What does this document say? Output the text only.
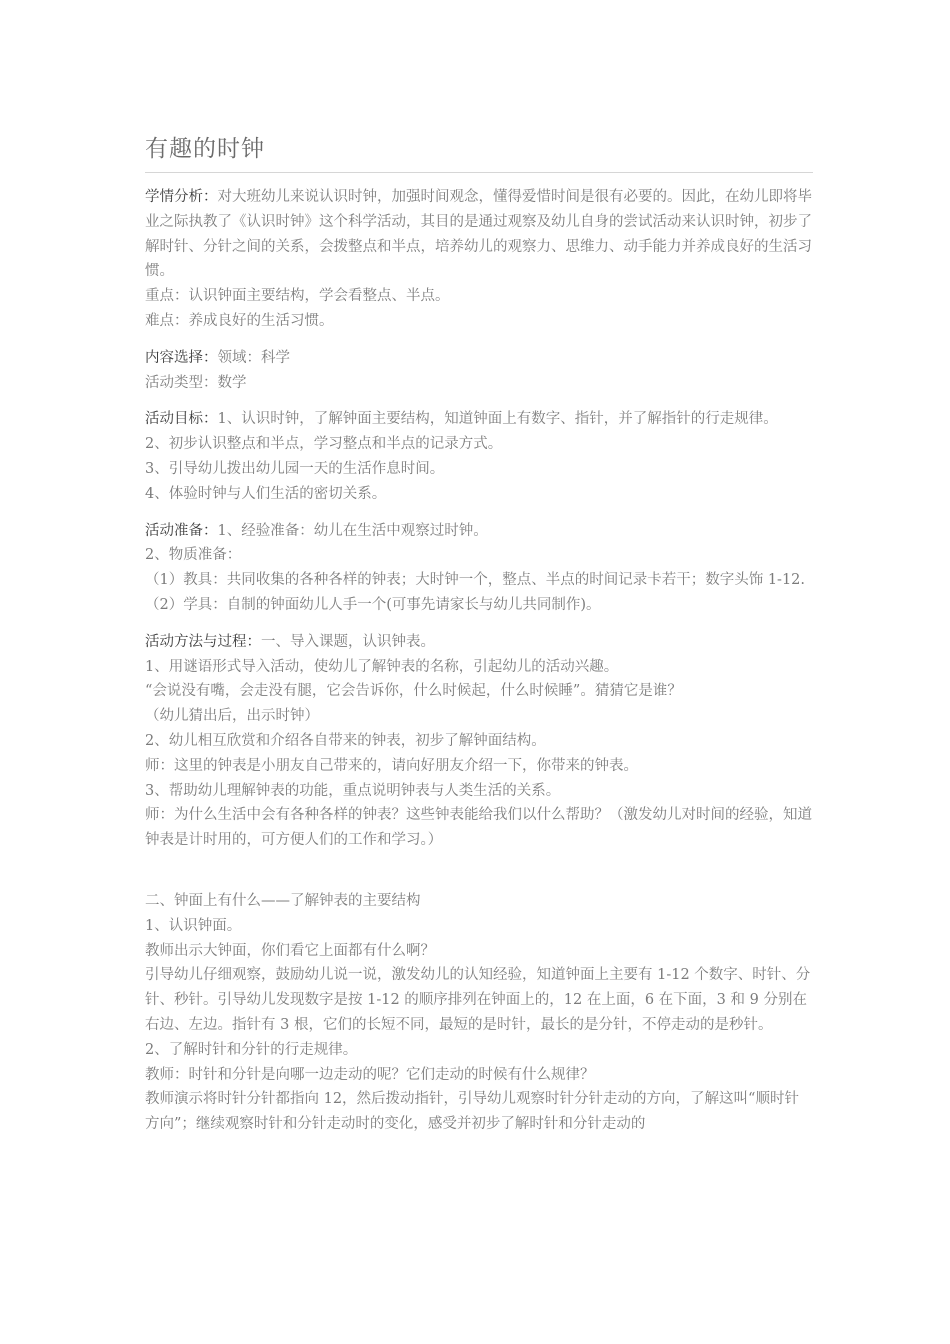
有趣的时钟

学情分析：对大班幼儿来说认识时钟，加强时间观念，懂得爱惜时间是很有必要的。因此，在幼儿即将毕业之际执教了《认识时钟》这个科学活动，其目的是通过观察及幼儿自身的尝试活动来认识时钟，初步了解时针、分针之间的关系，会拨整点和半点，培养幼儿的观察力、思维力、动手能力并养成良好的生活习惯。

重点：认识钟面主要结构，学会看整点、半点。

难点：养成良好的生活习惯。

内容选择：领域：科学

活动类型：数学

活动目标：1、认识时钟，了解钟面主要结构，知道钟面上有数字、指针，并了解指针的行走规律。

2、初步认识整点和半点，学习整点和半点的记录方式。

3、引导幼儿拨出幼儿园一天的生活作息时间。

4、体验时钟与人们生活的密切关系。

活动准备：1、经验准备：幼儿在生活中观察过时钟。

2、物质准备：

（1）教具：共同收集的各种各样的钟表；大时钟一个，整点、半点的时间记录卡若干；数字头饰 1-12.

（2）学具：自制的钟面幼儿人手一个(可事先请家长与幼儿共同制作)。

活动方法与过程：一、导入课题，认识钟表。

1、用谜语形式导入活动，使幼儿了解钟表的名称，引起幼儿的活动兴趣。

“会说没有嘴，会走没有腿，它会告诉你，什么时候起，什么时候睡”。猜猜它是谁？

（幼儿猜出后，出示时钟）

2、幼儿相互欣赏和介绍各自带来的钟表，初步了解钟面结构。

师：这里的钟表是小朋友自己带来的，请向好朋友介绍一下，你带来的钟表。

3、帮助幼儿理解钟表的功能，重点说明钟表与人类生活的关系。

师：为什么生活中会有各种各样的钟表？这些钟表能给我们以什么帮助？（激发幼儿对时间的经验，知道钟表是计时用的，可方便人们的工作和学习。）

二、钟面上有什么——了解钟表的主要结构

1、认识钟面。

教师出示大钟面，你们看它上面都有什么啊？

引导幼儿仔细观察，鼓励幼儿说一说，激发幼儿的认知经验，知道钟面上主要有 1-12 个数字、时针、分针、秒针。引导幼儿发现数字是按 1-12 的顺序排列在钟面上的，12 在上面，6 在下面，3 和 9 分别在右边、左边。指针有 3 根，它们的长短不同，最短的是时针，最长的是分针，不停走动的是秒针。

2、了解时针和分针的行走规律。

教师：时针和分针是向哪一边走动的呢？它们走动的时候有什么规律？

教师演示将时针分针都指向 12，然后拨动指针，引导幼儿观察时针分针走动的方向，了解这叫“顺时针方向”；继续观察时针和分针走动时的变化，感受并初步了解时针和分针走动的
